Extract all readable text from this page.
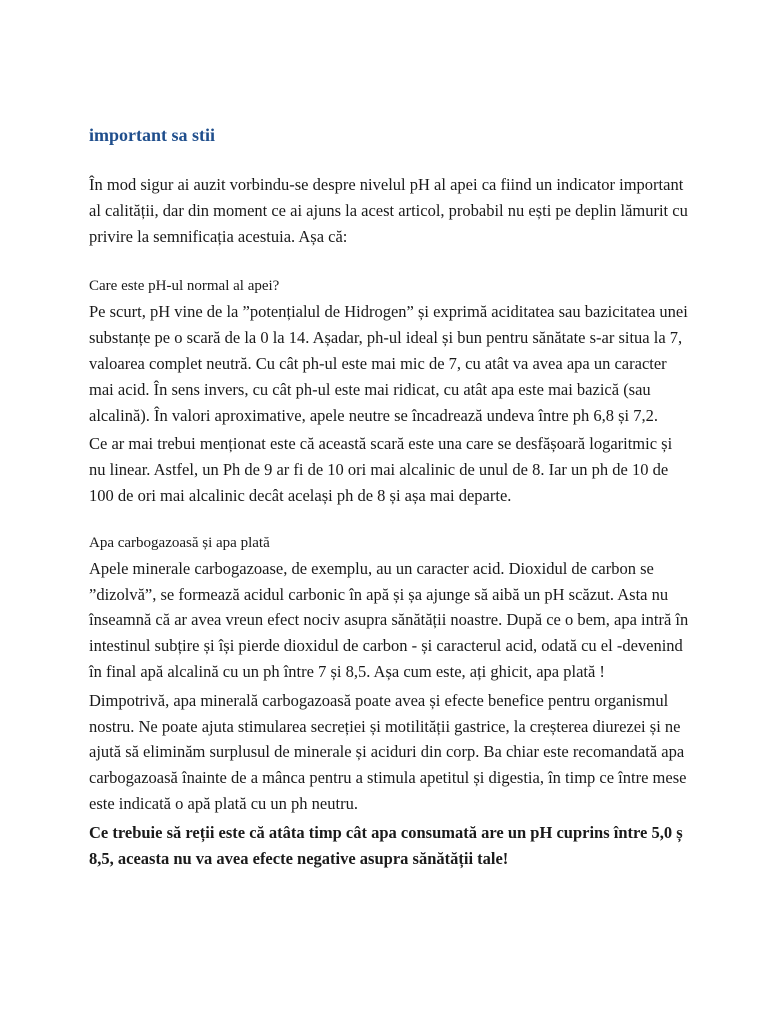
important sa stii

În mod sigur ai auzit vorbindu-se despre nivelul pH al apei ca fiind un indicator important al calității, dar din moment ce ai ajuns la acest articol, probabil nu ești pe deplin lămurit cu privire la semnificația acestuia. Așa că:

Care este pH-ul normal al apei?

Pe scurt, pH vine de la ”potențialul de Hidrogen” și exprimă aciditatea sau bazicitatea unei substanțe pe o scară de la 0 la 14. Așadar, ph-ul ideal și bun pentru sănătate s-ar situa la 7, valoarea complet neutră. Cu cât ph-ul este mai mic de 7, cu atât va avea apa un caracter mai acid. În sens invers, cu cât ph-ul este mai ridicat, cu atât apa este mai bazică (sau alcalină). În valori aproximative, apele neutre se încadrează undeva între ph 6,8 și 7,2.

Ce ar mai trebui menționat este că această scară este una care se desfășoară logaritmic și nu linear. Astfel, un Ph de 9 ar fi de 10 ori mai alcalinic de unul de 8. Iar un ph de 10 de 100 de ori mai alcalinic decât același ph de 8 și așa mai departe.

Apa carbogazoasă și apa plată

Apele minerale carbogazoase, de exemplu, au un caracter acid. Dioxidul de carbon se ”dizolvă”, se formează acidul carbonic în apă și șa ajunge să aibă un pH scăzut. Asta nu înseamnă că ar avea vreun efect nociv asupra sănătății noastre. După ce o bem, apa intră în intestinul subțire și își pierde dioxidul de carbon - și caracterul acid, odată cu el -devenind în final apă alcalină cu un ph între 7 și 8,5. Așa cum este, ați ghicit, apa plată !

Dimpotrivă, apa minerală carbogazoasă poate avea și efecte benefice pentru organismul nostru. Ne poate ajuta stimularea secreției și motilității gastrice, la creșterea diurezei și ne ajută să eliminăm surplusul de minerale și aciduri din corp. Ba chiar este recomandată apa carbogazoasă înainte de a mânca pentru a stimula apetitul și digestia, în timp ce între mese este indicată o apă plată cu un ph neutru.

Ce trebuie să reții este că atâta timp cât apa consumată are un pH cuprins între 5,0 ș 8,5, aceasta nu va avea efecte negative asupra sănătății tale!
